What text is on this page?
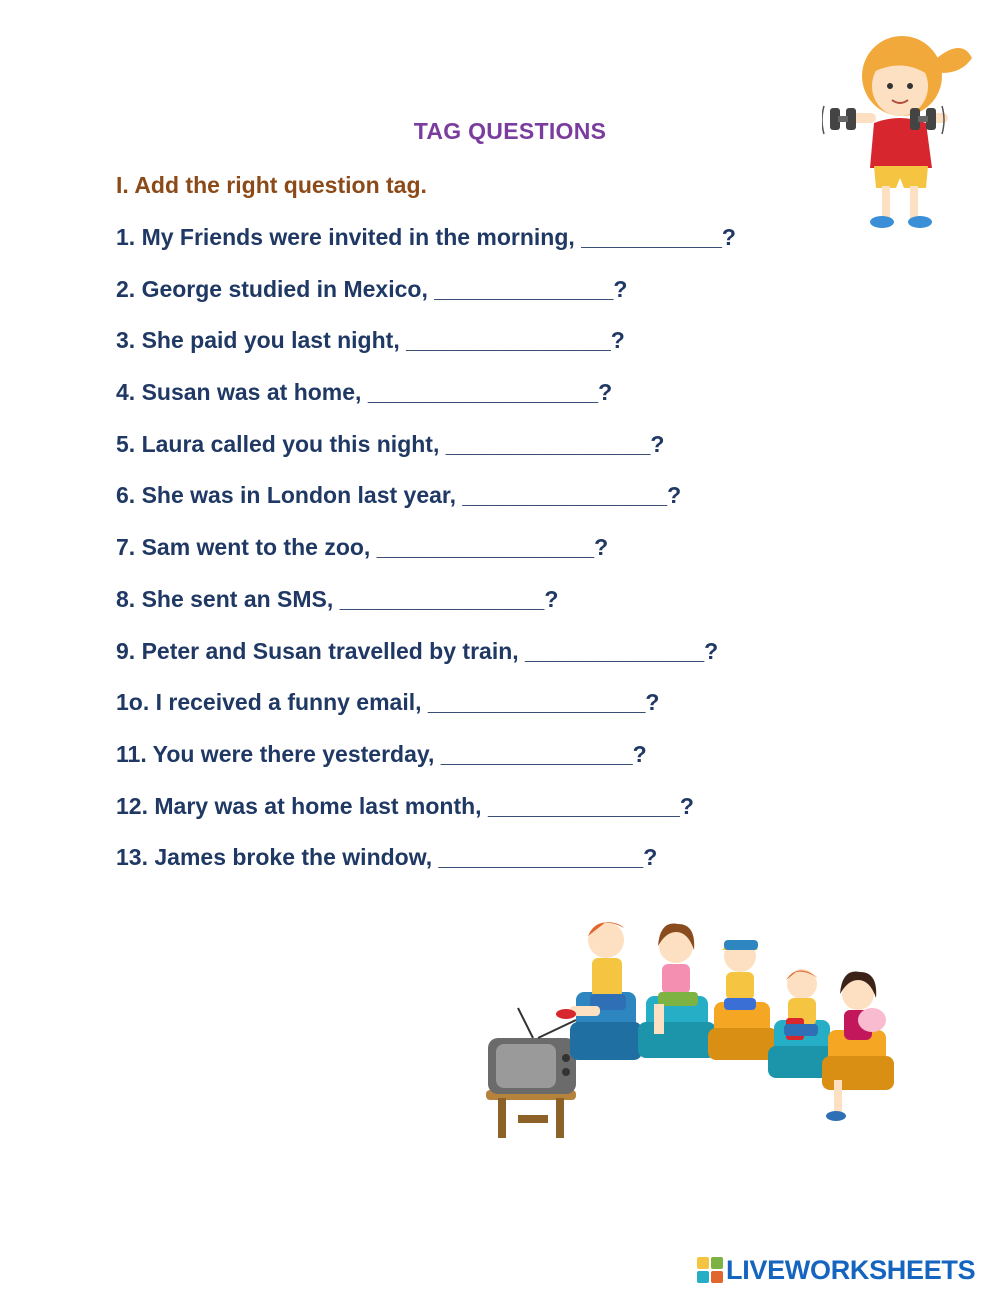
TAG QUESTIONS
I. Add the right question tag.
1. My Friends were invited in the morning, ___________?
2. George studied in Mexico, ______________?
3. She paid you last night, ________________?
4. Susan was at home, __________________?
5. Laura called you this night, ________________?
6. She was in London last year, ________________?
7. Sam went to the zoo, _________________?
8. She sent an SMS, ________________?
9. Peter and Susan travelled by train, ______________?
1o. I received a funny email, _________________?
11. You were there yesterday, _______________?
12. Mary was at home last month, _______________?
13. James broke the window, ________________?
LIVEWORKSHEETS
